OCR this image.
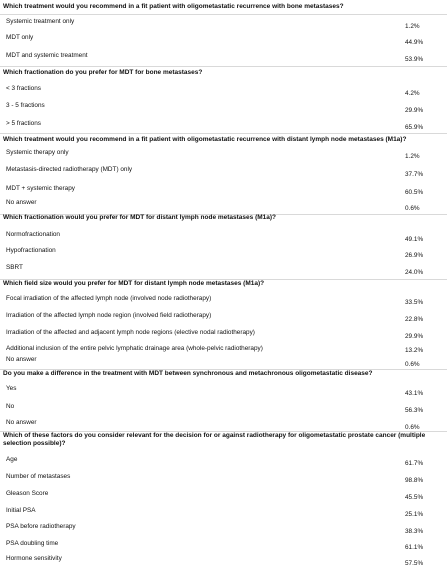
Which treatment would you recommend in a fit patient with oligometastatic recurrence with bone metastases?
Systemic treatment only
1.2%
MDT only
44.9%
MDT and systemic treatment
53.9%
Which fractionation do you prefer for MDT for bone metastases?
< 3 fractions
4.2%
3 - 5 fractions
29.9%
> 5 fractions
65.9%
Which treatment would you recommend in a fit patient with oligometastatic recurrence with distant lymph node metastases (M1a)?
Systemic therapy only
1.2%
Metastasis-directed radiotherapy (MDT) only
37.7%
MDT + systemic therapy
60.5%
No answer
0.6%
Which fractionation would you prefer for MDT for distant lymph node metastases (M1a)?
Normofractionation
49.1%
Hypofractionation
26.9%
SBRT
24.0%
Which field size would you prefer for MDT for distant lymph node metastases (M1a)?
Focal irradiation of the affected lymph node (involved node radiotherapy)
33.5%
Irradiation of the affected lymph node region (involved field radiotherapy)
22.8%
Irradiation of the affected and adjacent lymph node regions (elective nodal radiotherapy)
29.9%
Additional inclusion of the entire pelvic lymphatic drainage area (whole-pelvic radiotherapy)	13.2%
No answer
0.6%
Do you make a difference in the treatment with MDT between synchronous and metachronous oligometastatic disease?
Yes
43.1%
No
56.3%
No answer
0.6%
Which of these factors do you consider relevant for the decision for or against radiotherapy for oligometastatic prostate cancer (multiple selection possible)?
Age
61.7%
Number of metastases
98.8%
Gleason Score
45.5%
Initial PSA
25.1%
PSA before radiotherapy
38.3%
PSA doubling time
61.1%
Hormone sensitivity
57.5%
